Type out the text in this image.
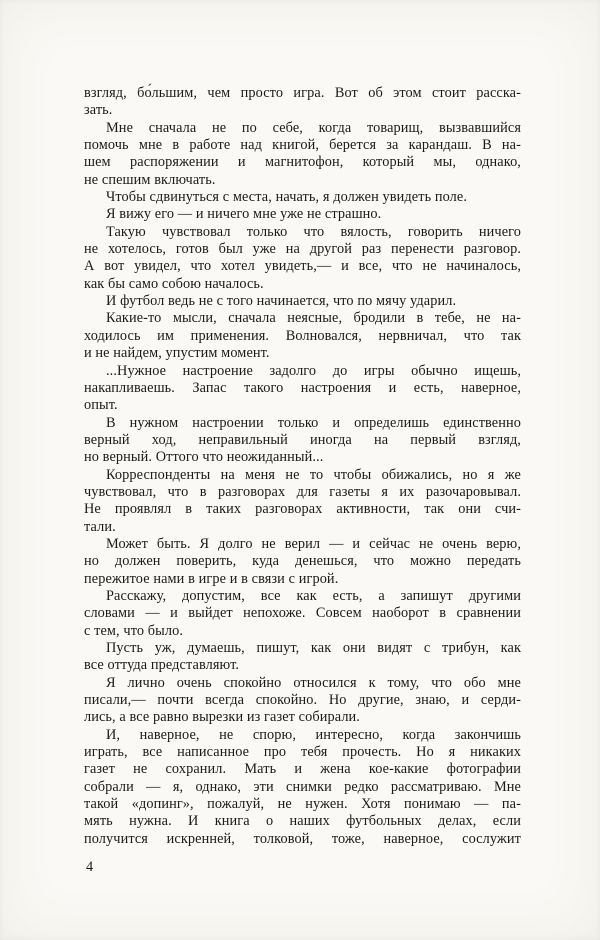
взгляд, бо́льшим, чем просто игра. Вот об этом стоит расска-
зать.
Мне сначала не по себе, когда товарищ, вызвавшийся
помочь мне в работе над книгой, берется за карандаш. В на-
шем распоряжении и магнитофон, который мы, однако,
не спешим включать.
Чтобы сдвинуться с места, начать, я должен увидеть поле.
Я вижу его — и ничего мне уже не страшно.
Такую чувствовал только что вялость, говорить ничего
не хотелось, готов был уже на другой раз перенести разговор.
А вот увидел, что хотел увидеть,— и все, что не начиналось,
как бы само собою началось.
И футбол ведь не с того начинается, что по мячу ударил.
Какие-то мысли, сначала неясные, бродили в тебе, не на-
ходилось им применения. Волновался, нервничал, что так
и не найдем, упустим момент.
...Нужное настроение задолго до игры обычно ищешь,
накапливаешь. Запас такого настроения и есть, наверное,
опыт.
В нужном настроении только и определишь единственно
верный ход, неправильный иногда на первый взгляд,
но верный. Оттого что неожиданный...
Корреспонденты на меня не то чтобы обижались, но я же
чувствовал, что в разговорах для газеты я их разочаровывал.
Не проявлял в таких разговорах активности, так они счи-
тали.
Может быть. Я долго не верил — и сейчас не очень верю,
но должен поверить, куда денешься, что можно передать
пережитое нами в игре и в связи с игрой.
Расскажу, допустим, все как есть, а запишут другими
словами — и выйдет непохоже. Совсем наоборот в сравнении
с тем, что было.
Пусть уж, думаешь, пишут, как они видят с трибун, как
все оттуда представляют.
Я лично очень спокойно относился к тому, что обо мне
писали,— почти всегда спокойно. Но другие, знаю, и серди-
лись, а все равно вырезки из газет собирали.
И, наверное, не спорю, интересно, когда закончишь
играть, все написанное про тебя прочесть. Но я никаких
газет не сохранил. Мать и жена кое-какие фотографии
собрали — я, однако, эти снимки редко рассматриваю. Мне
такой «допинг», пожалуй, не нужен. Хотя понимаю — па-
мять нужна. И книга о наших футбольных делах, если
получится искренней, толковой, тоже, наверное, сослужит
4
